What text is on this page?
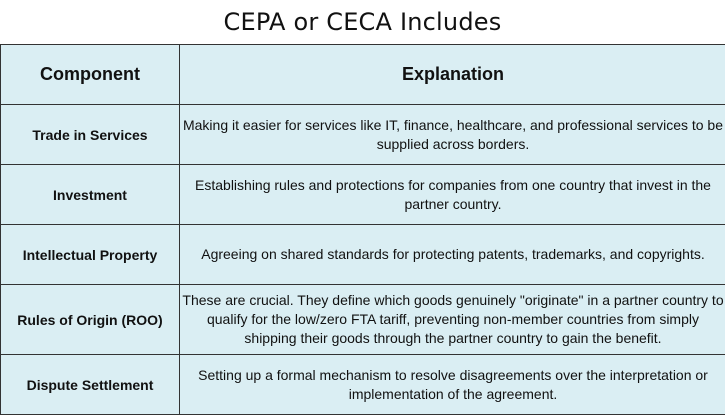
CEPA or CECA Includes
Component	Explanation
Trade in Services	Making it easier for services like IT, finance, healthcare, and professional services to be supplied across borders.
Investment	Establishing rules and protections for companies from one country that invest in the partner country.
Intellectual Property	Agreeing on shared standards for protecting patents, trademarks, and copyrights.
Rules of Origin (ROO)	These are crucial. They define which goods genuinely "originate" in a partner country to qualify for the low/zero FTA tariff, preventing non-member countries from simply shipping their goods through the partner country to gain the benefit.
Dispute Settlement	Setting up a formal mechanism to resolve disagreements over the interpretation or implementation of the agreement.
